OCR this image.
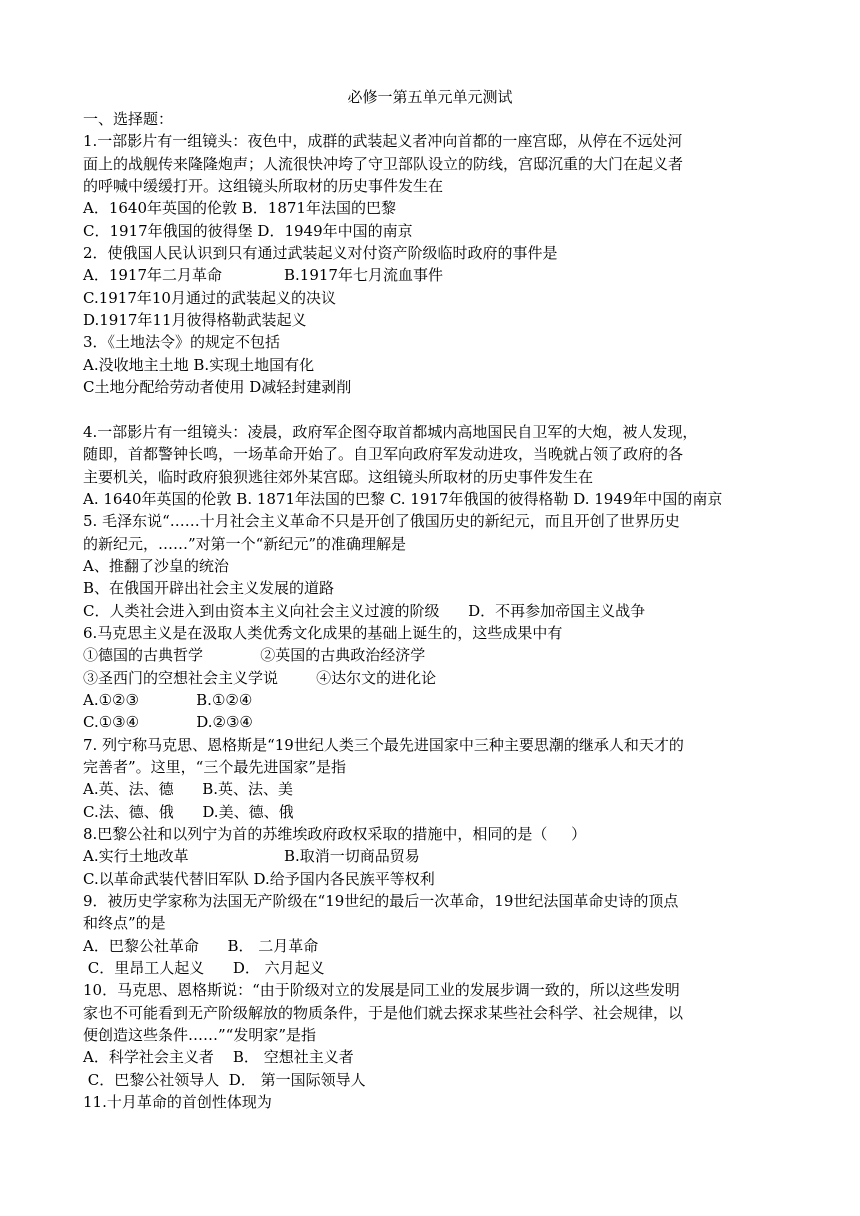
必修一第五单元单元测试

一、选择题：

1.一部影片有一组镜头：夜色中，成群的武装起义者冲向首都的一座宫邸，从停在不远处河

面上的战舰传来隆隆炮声；人流很快冲垮了守卫部队设立的防线，宫邸沉重的大门在起义者

的呼喊中缓缓打开。这组镜头所取材的历史事件发生在

A．1640年英国的伦敦 B．1871年法国的巴黎

C．1917年俄国的彼得堡 D．1949年中国的南京

2．使俄国人民认识到只有通过武装起义对付资产阶级临时政府的事件是

A．1917年二月革命             B.1917年七月流血事件

C.1917年10月通过的武装起义的决议

D.1917年11月彼得格勒武装起义

3．《土地法令》的规定不包括

A.没收地主土地 B.实现土地国有化

C土地分配给劳动者使用 D减轻封建剥削

4.一部影片有一组镜头：凌晨，政府军企图夺取首都城内高地国民自卫军的大炮，被人发现，

随即，首都警钟长鸣，一场革命开始了。自卫军向政府军发动进攻，当晚就占领了政府的各

主要机关，临时政府狼狈逃往郊外某宫邸。这组镜头所取材的历史事件发生在

A. 1640年英国的伦敦 B. 1871年法国的巴黎 C. 1917年俄国的彼得格勒 D. 1949年中国的南京

5. 毛泽东说“……十月社会主义革命不只是开创了俄国历史的新纪元，而且开创了世界历史

的新纪元，……”对第一个“新纪元”的准确理解是

A、推翻了沙皇的统治

B、在俄国开辟出社会主义发展的道路

C．人类社会进入到由资本主义向社会主义过渡的阶级      D．不再参加帝国主义战争

6.马克思主义是在汲取人类优秀文化成果的基础上诞生的，这些成果中有

①德国的古典哲学            ②英国的古典政治经济学

③圣西门的空想社会主义学说        ④达尔文的进化论

A.①②③            B.①②④

C.①③④            D.②③④

7. 列宁称马克思、恩格斯是“19世纪人类三个最先进国家中三种主要思潮的继承人和天才的

完善者”。这里，“三个最先进国家”是指

A.英、法、德      B.英、法、美

C.法、德、俄      D.美、德、俄

8.巴黎公社和以列宁为首的苏维埃政府政权采取的措施中，相同的是（     ）

A.实行土地改革                    B.取消一切商品贸易

C.以革命武装代替旧军队 D.给予国内各民族平等权利

9．被历史学家称为法国无产阶级在“19世纪的最后一次革命，19世纪法国革命史诗的顶点

和终点”的是

A．巴黎公社革命      B． 二月革命

C．里昂工人起义      D． 六月起义

10．马克思、恩格斯说：“由于阶级对立的发展是同工业的发展步调一致的，所以这些发明

家也不可能看到无产阶级解放的物质条件，于是他们就去探求某些社会科学、社会规律，以

便创造这些条件……”“发明家”是指

A．科学社会主义者    B． 空想社主义者

C．巴黎公社领导人  D． 第一国际领导人

11.十月革命的首创性体现为
